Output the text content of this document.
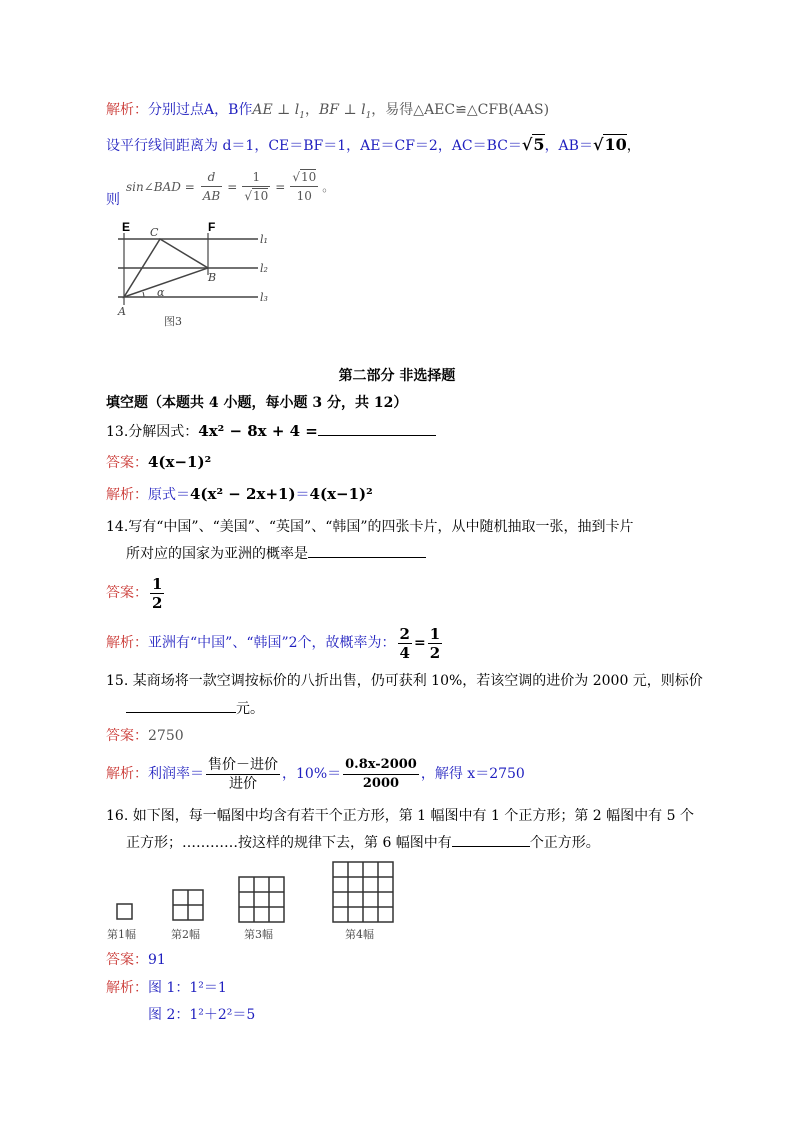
解析：分别过点A，B作AE ⊥ $l_1$，BF ⊥ $l_1$，易得△AEC≌△CFB(AAS)
设平行线间距离为 d＝1，CE＝BF＝1，AE＝CF＝2，AC＝BC＝√5，AB＝√10，
则
sin∠BAD = $\frac{d}{AB} = \frac{1}{√10} = \frac{√10}{10}$ 。
E	F
C
B
A
α
l₁
l₂
l₃
图3
第二部分 非选择题
填空题（本题共 4 小题，每小题 3 分，共 12）
13.分解因式：4x² − 8x + 4 =
答案：4(x−1)²
解析：原式＝4(x² − 2x+1)＝4(x−1)²
14.写有“中国”、“美国”、“英国”、“韩国”的四张卡片，从中随机抽取一张，抽到卡片
所对应的国家为亚洲的概率是
答案： $\frac{1}{2}$
解析： 亚洲有“中国”、“韩国”2个，故概率为： $\frac{2}{4} = \frac{1}{2}$
15. 某商场将一款空调按标价的八折出售，仍可获利 10%，若该空调的进价为 2000 元，则标价
元。
答案：2750
解析： 利润率＝ $\frac{\text{售价－进价}}{\text{进价}}$ ，$10\%= \frac{0.8x-2000}{2000}$ ，解得 x＝2750
16. 如下图，每一幅图中均含有若干个正方形，第 1 幅图中有 1 个正方形；第 2 幅图中有 5 个
正方形；…………按这样的规律下去，第 6 幅图中有	个正方形。
第1幅	第2幅	第3幅	第4幅
答案：91
解析：图 1：1²＝1
图 2：1²＋2²＝5
